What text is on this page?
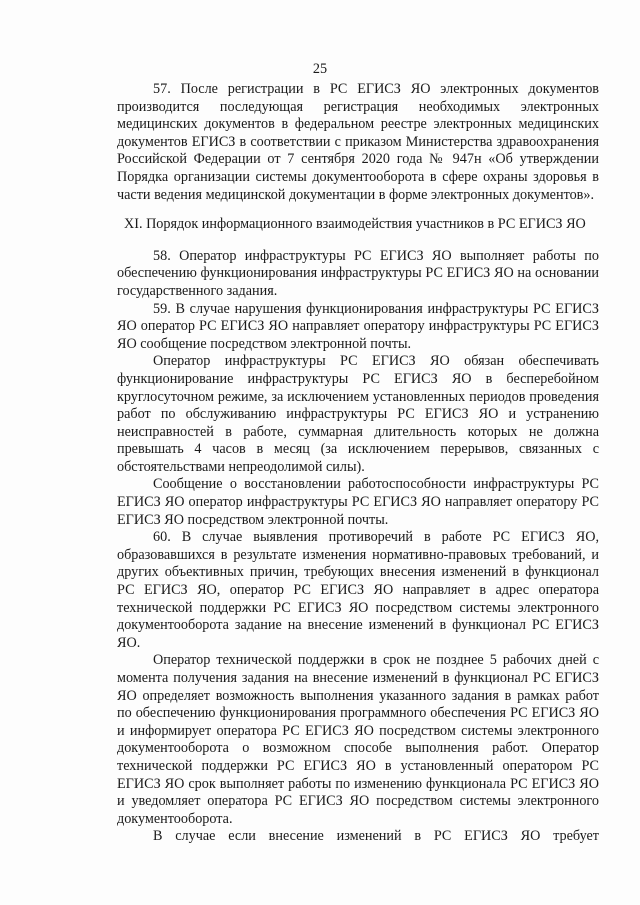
25

57. После регистрации в РС ЕГИСЗ ЯО электронных документов производится последующая регистрация необходимых электронных медицинских документов в федеральном реестре электронных медицинских документов ЕГИСЗ в соответствии с приказом Министерства здравоохранения Российской Федерации от 7 сентября 2020 года № 947н «Об утверждении Порядка организации системы документооборота в сфере охраны здоровья в части ведения медицинской документации в форме электронных документов».

XI. Порядок информационного взаимодействия участников в РС ЕГИСЗ ЯО

58. Оператор инфраструктуры РС ЕГИСЗ ЯО выполняет работы по обеспечению функционирования инфраструктуры РС ЕГИСЗ ЯО на основании государственного задания.

59. В случае нарушения функционирования инфраструктуры РС ЕГИСЗ ЯО оператор РС ЕГИСЗ ЯО направляет оператору инфраструктуры РС ЕГИСЗ ЯО сообщение посредством электронной почты.

Оператор инфраструктуры РС ЕГИСЗ ЯО обязан обеспечивать функционирование инфраструктуры РС ЕГИСЗ ЯО в бесперебойном круглосуточном режиме, за исключением установленных периодов проведения работ по обслуживанию инфраструктуры РС ЕГИСЗ ЯО и устранению неисправностей в работе, суммарная длительность которых не должна превышать 4 часов в месяц (за исключением перерывов, связанных с обстоятельствами непреодолимой силы).

Сообщение о восстановлении работоспособности инфраструктуры РС ЕГИСЗ ЯО оператор инфраструктуры РС ЕГИСЗ ЯО направляет оператору РС ЕГИСЗ ЯО посредством электронной почты.

60. В случае выявления противоречий в работе РС ЕГИСЗ ЯО, образовавшихся в результате изменения нормативно-правовых требований, и других объективных причин, требующих внесения изменений в функционал РС ЕГИСЗ ЯО, оператор РС ЕГИСЗ ЯО направляет в адрес оператора технической поддержки РС ЕГИСЗ ЯО посредством системы электронного документооборота задание на внесение изменений в функционал РС ЕГИСЗ ЯО.

Оператор технической поддержки в срок не позднее 5 рабочих дней с момента получения задания на внесение изменений в функционал РС ЕГИСЗ ЯО определяет возможность выполнения указанного задания в рамках работ по обеспечению функционирования программного обеспечения РС ЕГИСЗ ЯО и информирует оператора РС ЕГИСЗ ЯО посредством системы электронного документооборота о возможном способе выполнения работ. Оператор технической поддержки РС ЕГИСЗ ЯО в установленный оператором РС ЕГИСЗ ЯО срок выполняет работы по изменению функционала РС ЕГИСЗ ЯО и уведомляет оператора РС ЕГИСЗ ЯО посредством системы электронного документооборота.

В случае если внесение изменений в РС ЕГИСЗ ЯО требует
